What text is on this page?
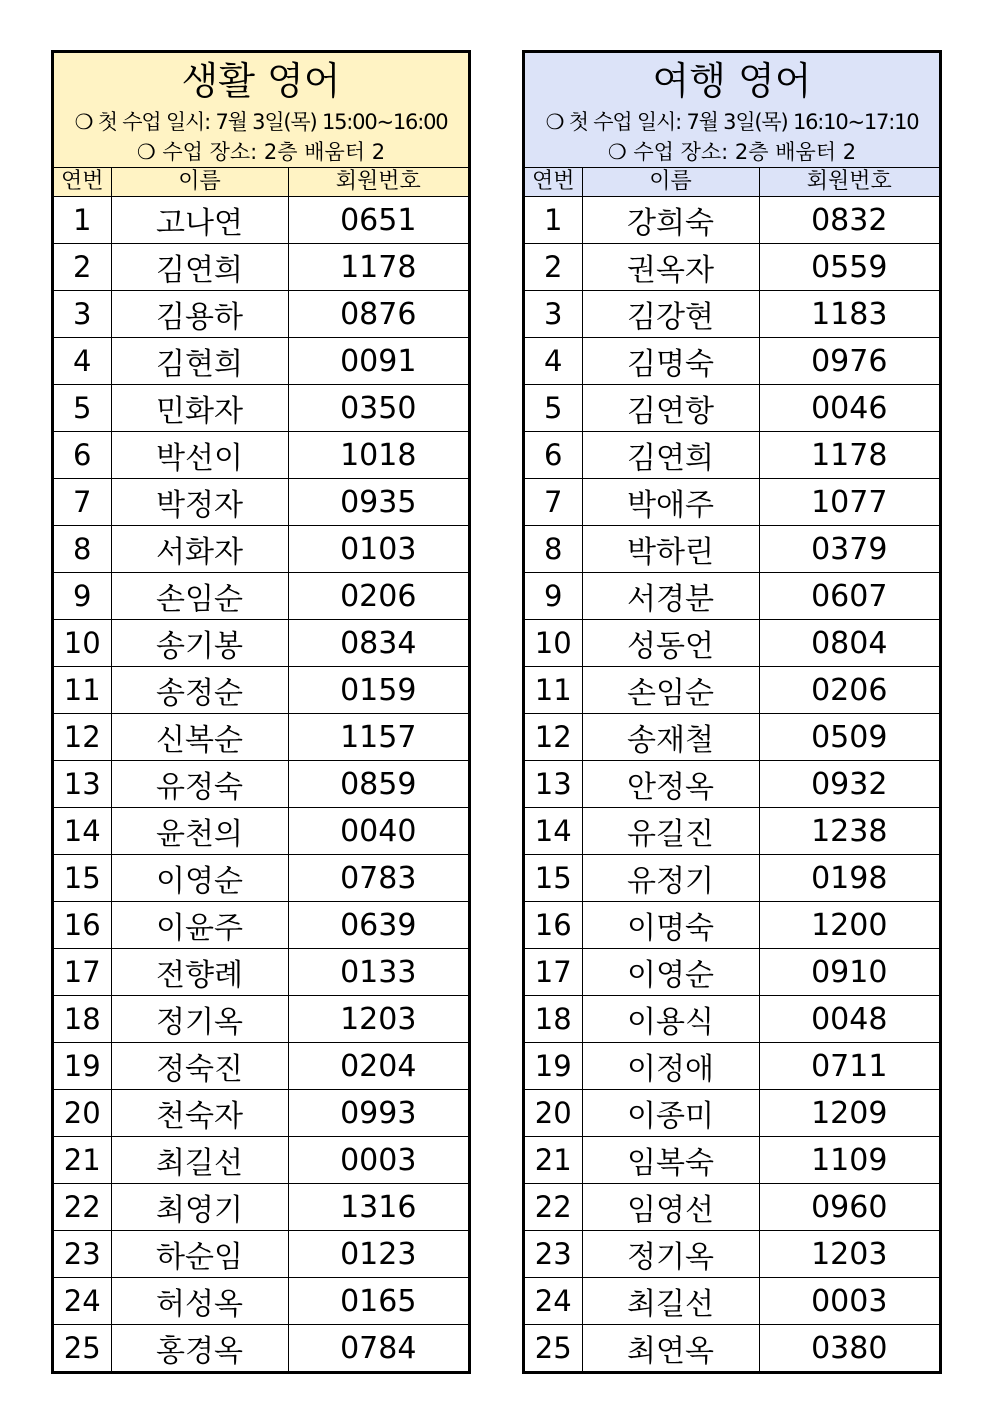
생활 영어
❍ 첫 수업 일시: 7월 3일(목) 15:00~16:00
❍ 수업 장소: 2층 배움터 2
연번	이름	회원번호
1	고나연	0651
2	김연희	1178
3	김용하	0876
4	김현희	0091
5	민화자	0350
6	박선이	1018
7	박정자	0935
8	서화자	0103
9	손임순	0206
10	송기봉	0834
11	송정순	0159
12	신복순	1157
13	유정숙	0859
14	윤천의	0040
15	이영순	0783
16	이윤주	0639
17	전향례	0133
18	정기옥	1203
19	정숙진	0204
20	천숙자	0993
21	최길선	0003
22	최영기	1316
23	하순임	0123
24	허성옥	0165
25	홍경옥	0784
여행 영어
❍ 첫 수업 일시: 7월 3일(목) 16:10~17:10
❍ 수업 장소: 2층 배움터 2
연번	이름	회원번호
1	강희숙	0832
2	권옥자	0559
3	김강현	1183
4	김명숙	0976
5	김연항	0046
6	김연희	1178
7	박애주	1077
8	박하린	0379
9	서경분	0607
10	성동언	0804
11	손임순	0206
12	송재철	0509
13	안정옥	0932
14	유길진	1238
15	유정기	0198
16	이명숙	1200
17	이영순	0910
18	이용식	0048
19	이정애	0711
20	이종미	1209
21	임복숙	1109
22	임영선	0960
23	정기옥	1203
24	최길선	0003
25	최연옥	0380
